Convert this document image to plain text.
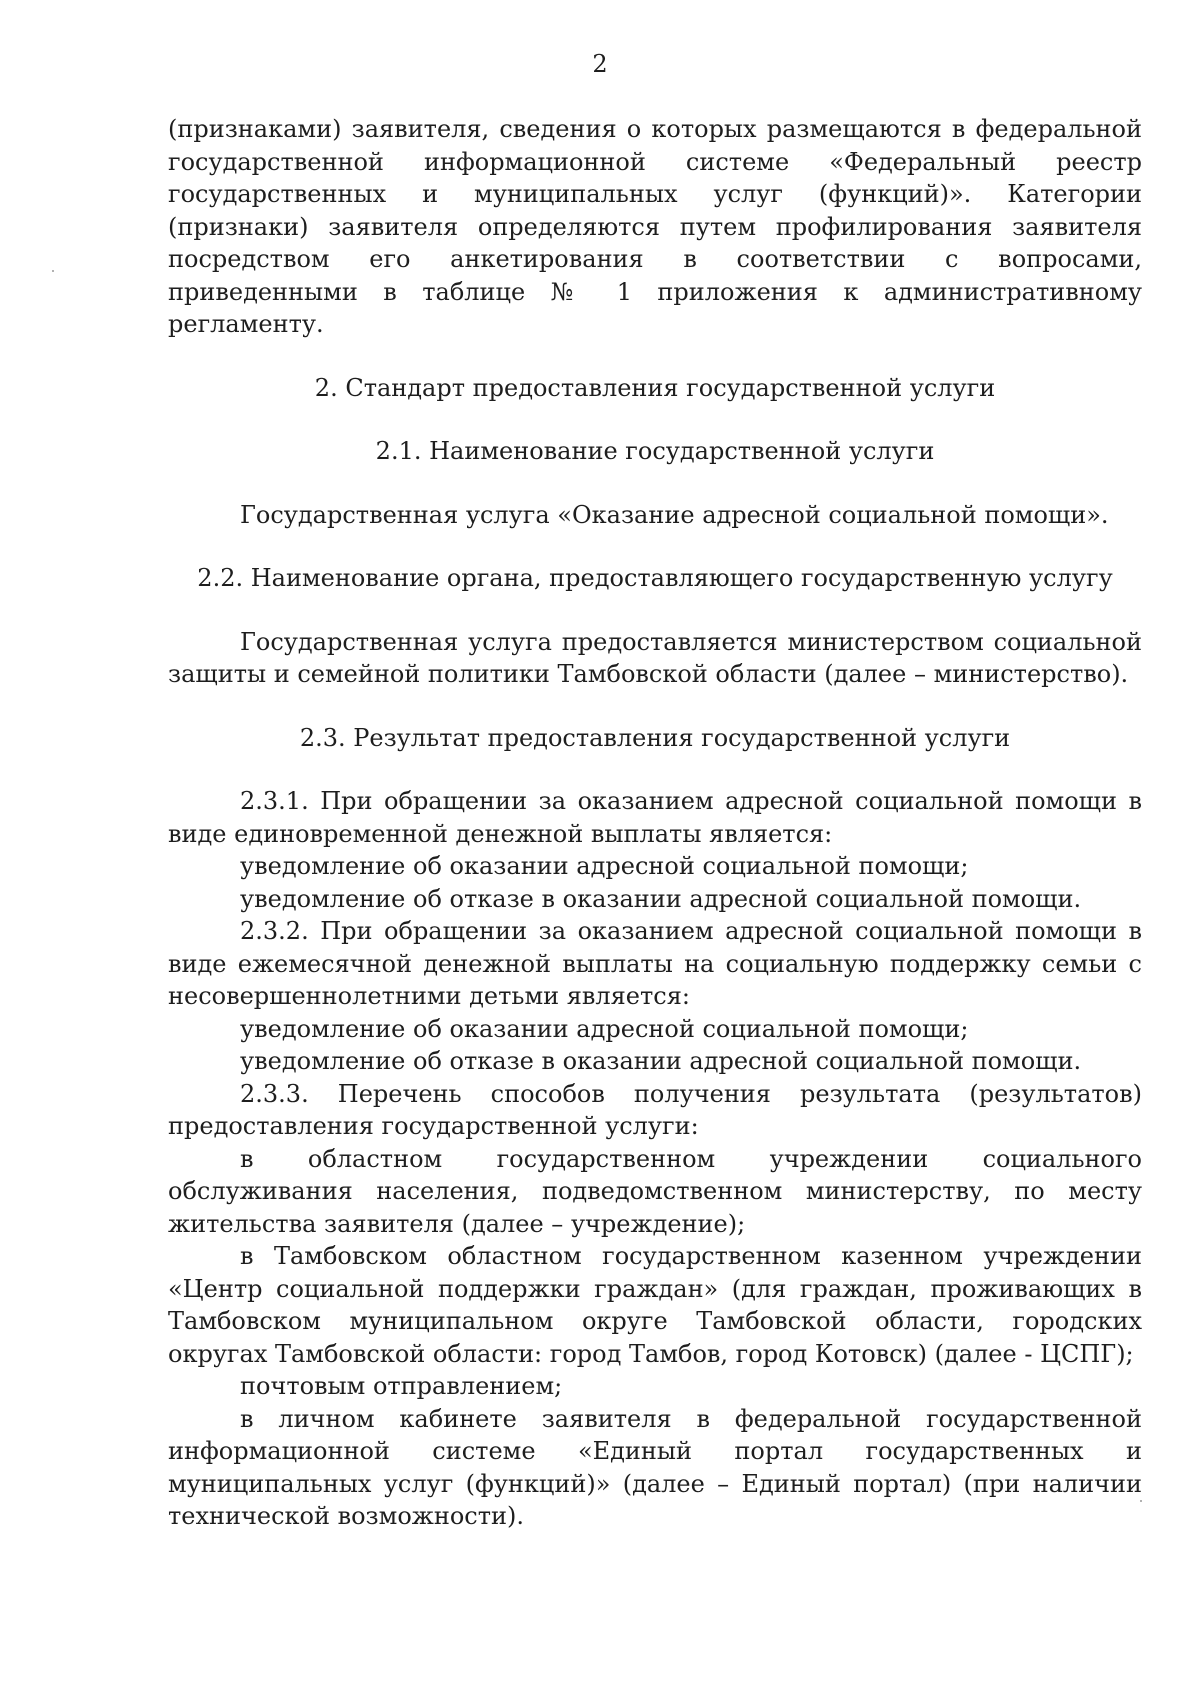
2

(признаками) заявителя, сведения о которых размещаются в федеральной государственной информационной системе «Федеральный реестр государственных и муниципальных услуг (функций)». Категории (признаки) заявителя определяются путем профилирования заявителя посредством его анкетирования в соответствии с вопросами, приведенными в таблице № 1 приложения к административному регламенту.

2. Стандарт предоставления государственной услуги

2.1. Наименование государственной услуги

Государственная услуга «Оказание адресной социальной помощи».

2.2. Наименование органа, предоставляющего государственную услугу

Государственная услуга предоставляется министерством социальной защиты и семейной политики Тамбовской области (далее – министерство).

2.3. Результат предоставления государственной услуги

2.3.1. При обращении за оказанием адресной социальной помощи в виде единовременной денежной выплаты является:

уведомление об оказании адресной социальной помощи;

уведомление об отказе в оказании адресной социальной помощи.

2.3.2. При обращении за оказанием адресной социальной помощи в виде ежемесячной денежной выплаты на социальную поддержку семьи с несовершеннолетними детьми является:

уведомление об оказании адресной социальной помощи;

уведомление об отказе в оказании адресной социальной помощи.

2.3.3. Перечень способов получения результата (результатов) предоставления государственной услуги:

в областном государственном учреждении социального обслуживания населения, подведомственном министерству, по месту жительства заявителя (далее – учреждение);

в Тамбовском областном государственном казенном учреждении «Центр социальной поддержки граждан» (для граждан, проживающих в Тамбовском муниципальном округе Тамбовской области, городских округах Тамбовской области: город Тамбов, город Котовск) (далее - ЦСПГ);

почтовым отправлением;

в личном кабинете заявителя в федеральной государственной информационной системе «Единый портал государственных и муниципальных услуг (функций)» (далее – Единый портал) (при наличии технической возможности).
